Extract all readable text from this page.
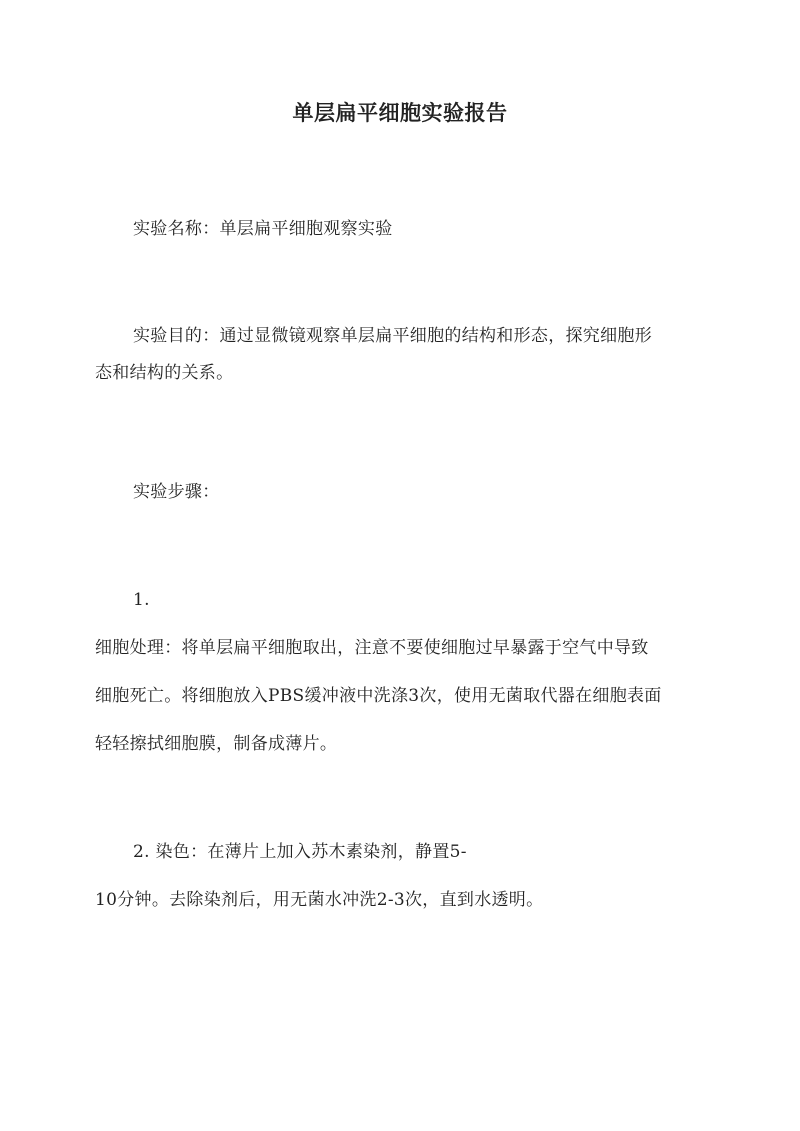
单层扁平细胞实验报告
实验名称：单层扁平细胞观察实验
实验目的：通过显微镜观察单层扁平细胞的结构和形态，探究细胞形
态和结构的关系。
实验步骤：
1.
细胞处理：将单层扁平细胞取出，注意不要使细胞过早暴露于空气中导致
细胞死亡。将细胞放入PBS缓冲液中洗涤3次，使用无菌取代器在细胞表面
轻轻擦拭细胞膜，制备成薄片。
2. 染色：在薄片上加入苏木素染剂，静置5-
10分钟。去除染剂后，用无菌水冲洗2-3次，直到水透明。
